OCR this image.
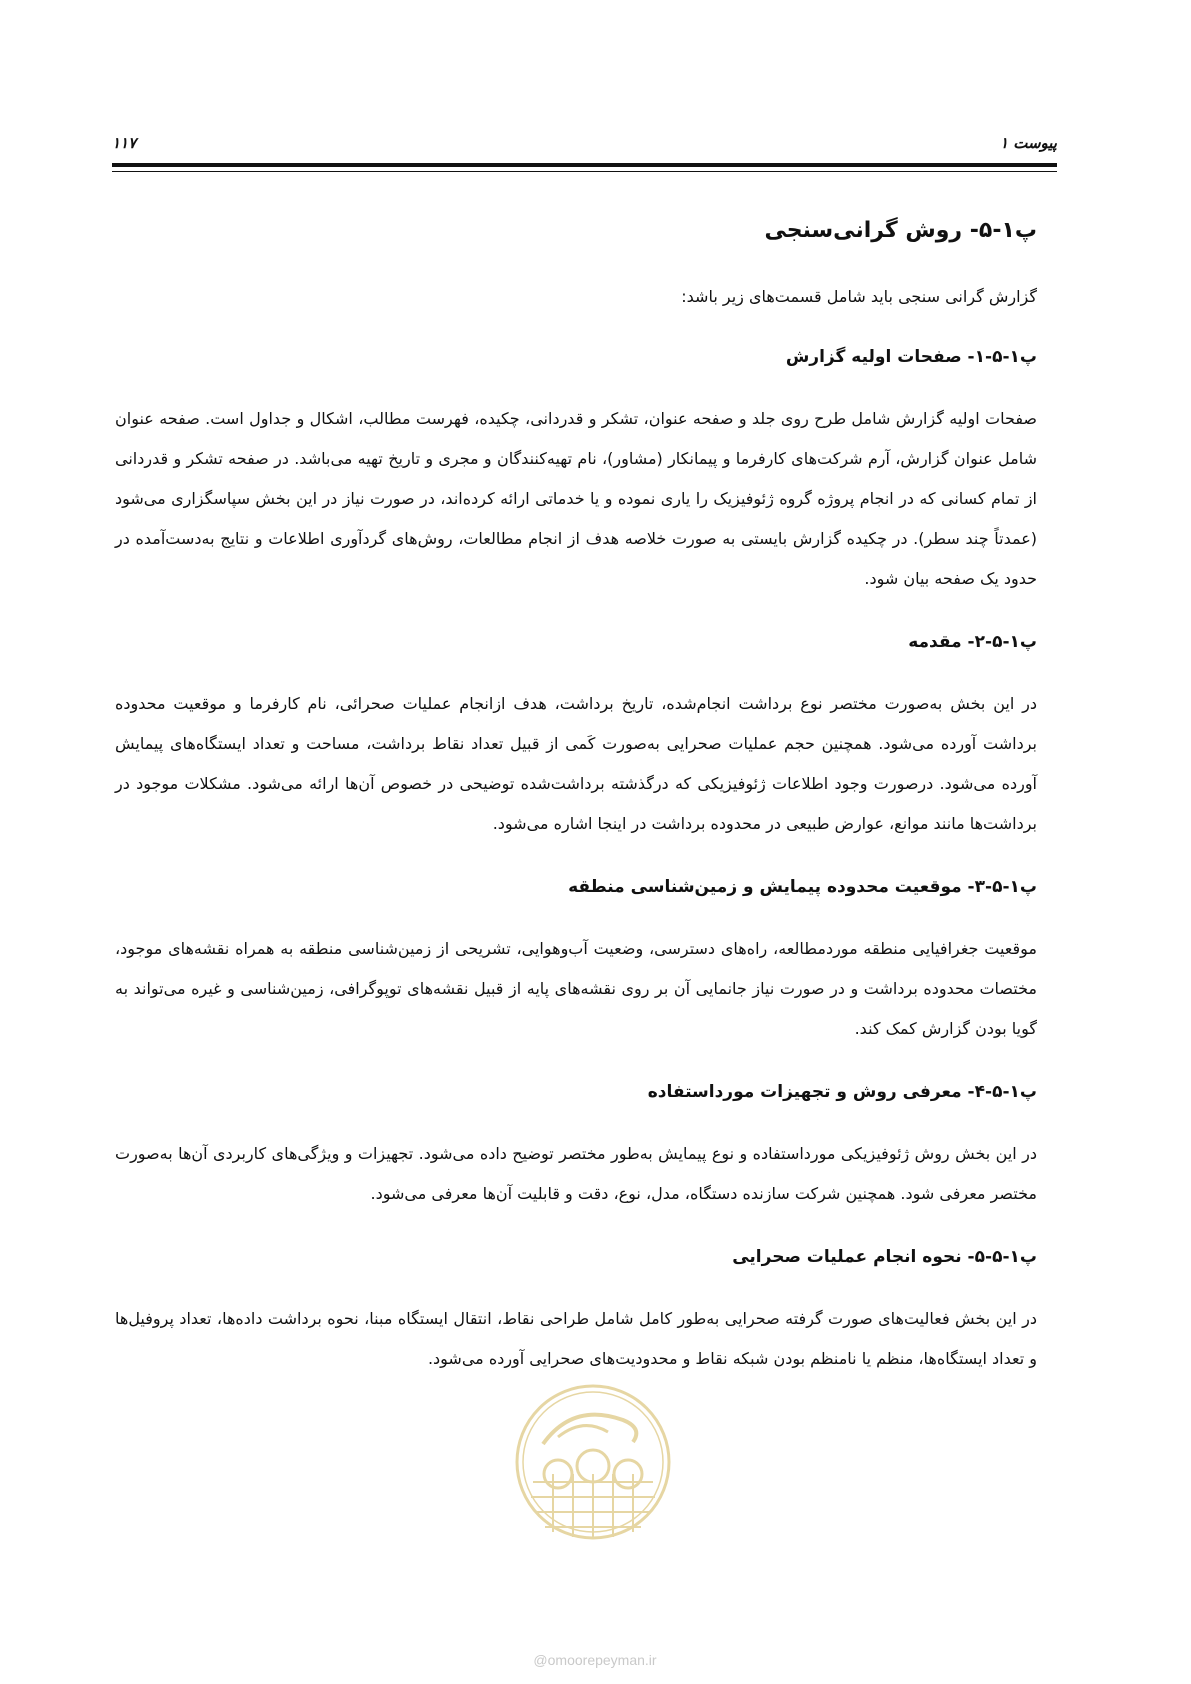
پیوست ۱
۱۱۷
پ۱-۵- روش گرانی‌سنجی

گزارش گرانی سنجی باید شامل قسمت‌های زیر باشد:

پ۱-۵-۱- صفحات اولیه گزارش

صفحات اولیه گزارش شامل طرح روی جلد و صفحه عنوان، تشکر و قدردانی، چکیده، فهرست مطالب، اشکال و جداول است. صفحه عنوان شامل عنوان گزارش، آرم شرکت‌های کارفرما و پیمانکار (مشاور)، نام تهیه‌کنندگان و مجری و تاریخ تهیه می‌باشد. در صفحه تشکر و قدردانی از تمام کسانی که در انجام پروژه گروه ژئوفیزیک را یاری نموده و یا خدماتی ارائه کرده‌اند، در صورت نیاز در این بخش سپاسگزاری می‌شود (عمدتاً چند سطر). در چکیده گزارش بایستی به صورت خلاصه هدف از انجام مطالعات، روش‌های گردآوری اطلاعات و نتایج به‌دست‌آمده در حدود یک صفحه بیان شود.

پ۱-۵-۲- مقدمه

در این بخش به‌صورت مختصر نوع برداشت انجام‌شده، تاریخ برداشت، هدف ازانجام عملیات صحرائی، نام کارفرما و موقعیت محدوده برداشت آورده می‌شود. همچنین حجم عملیات صحرایی به‌صورت کَمی از قبیل تعداد نقاط برداشت، مساحت و تعداد ایستگاه‌های پیمایش آورده می‌شود. درصورت وجود اطلاعات ژئوفیزیکی که درگذشته برداشت‌شده توضیحی در خصوص آن‌ها ارائه می‌شود. مشکلات موجود در برداشت‌ها مانند موانع، عوارض طبیعی در محدوده برداشت در اینجا اشاره می‌شود.

پ۱-۵-۳- موقعیت محدوده پیمایش و زمین‌شناسی منطقه

موقعیت جغرافیایی منطقه موردمطالعه، راه‌های دسترسی، وضعیت آب‌وهوایی، تشریحی از زمین‌شناسی منطقه به همراه نقشه‌های موجود، مختصات محدوده برداشت و در صورت نیاز جانمایی آن بر روی نقشه‌های پایه از قبیل نقشه‌های توپوگرافی، زمین‌شناسی و غیره می‌تواند به گویا بودن گزارش کمک کند.

پ۱-۵-۴- معرفی روش و تجهیزات مورداستفاده

در این بخش روش ژئوفیزیکی مورداستفاده و نوع پیمایش به‌طور مختصر توضیح داده می‌شود. تجهیزات و ویژگی‌های کاربردی آن‌ها به‌صورت مختصر معرفی شود. همچنین شرکت سازنده دستگاه، مدل، نوع، دقت و قابلیت آن‌ها معرفی می‌شود.

پ۱-۵-۵- نحوه انجام عملیات صحرایی

در این بخش فعالیت‌های صورت گرفته صحرایی به‌طور کامل شامل طراحی نقاط، انتقال ایستگاه مبنا، نحوه برداشت داده‌ها، تعداد پروفیل‌ها و تعداد ایستگاه‌ها، منظم یا نامنظم بودن شبکه نقاط و محدودیت‌های صحرایی آورده می‌شود.

@omoorepeyman.ir
